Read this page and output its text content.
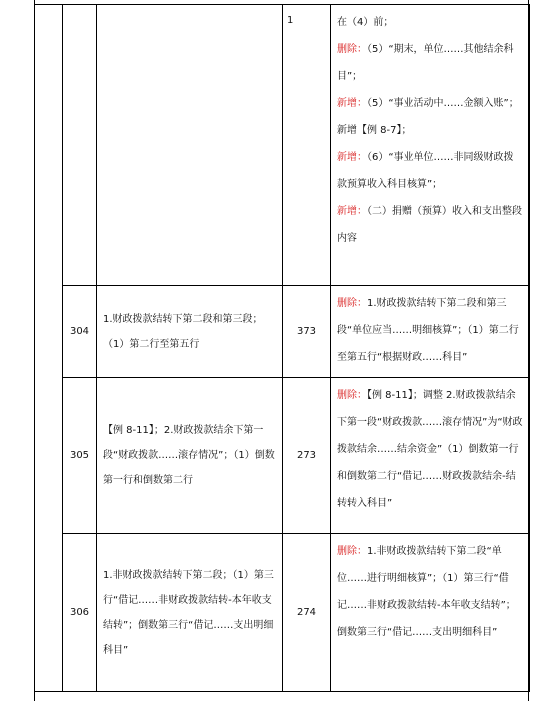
			1	在（4）前；
删除：（5）“期末，单位……其他结余科目”；
新增：（5）“事业活动中……金额入账”；新增【例 8-7】；
新增：（6）“事业单位……非同级财政拨款预算收入科目核算”；
新增：（二）捐赠（预算）收入和支出整段内容

	304	1.财政拨款结转下第二段和第三段；（1）第二行至第五行	373	删除：1.财政拨款结转下第二段和第三段“单位应当……明细核算”；（1）第二行至第五行“根据财政……科目”

	305	【例 8-11】；2.财政拨款结余下第一段“财政拨款……滚存情况”；（1）倒数第一行和倒数第二行	273	删除：【例 8-11】；调整 2.财政拨款结余下第一段“财政拨款……滚存情况”为“财政拨款结余……结余资金”（1）倒数第一行和倒数第二行“借记……财政拨款结余-结转转入科目”

	306	1.非财政拨款结转下第二段；（1）第三行“借记……非财政拨款结转-本年收支结转”；倒数第三行“借记……支出明细科目”	274	删除：1.非财政拨款结转下第二段“单位……进行明细核算”；（1）第三行“借记……非财政拨款结转-本年收支结转”；倒数第三行“借记……支出明细科目”
